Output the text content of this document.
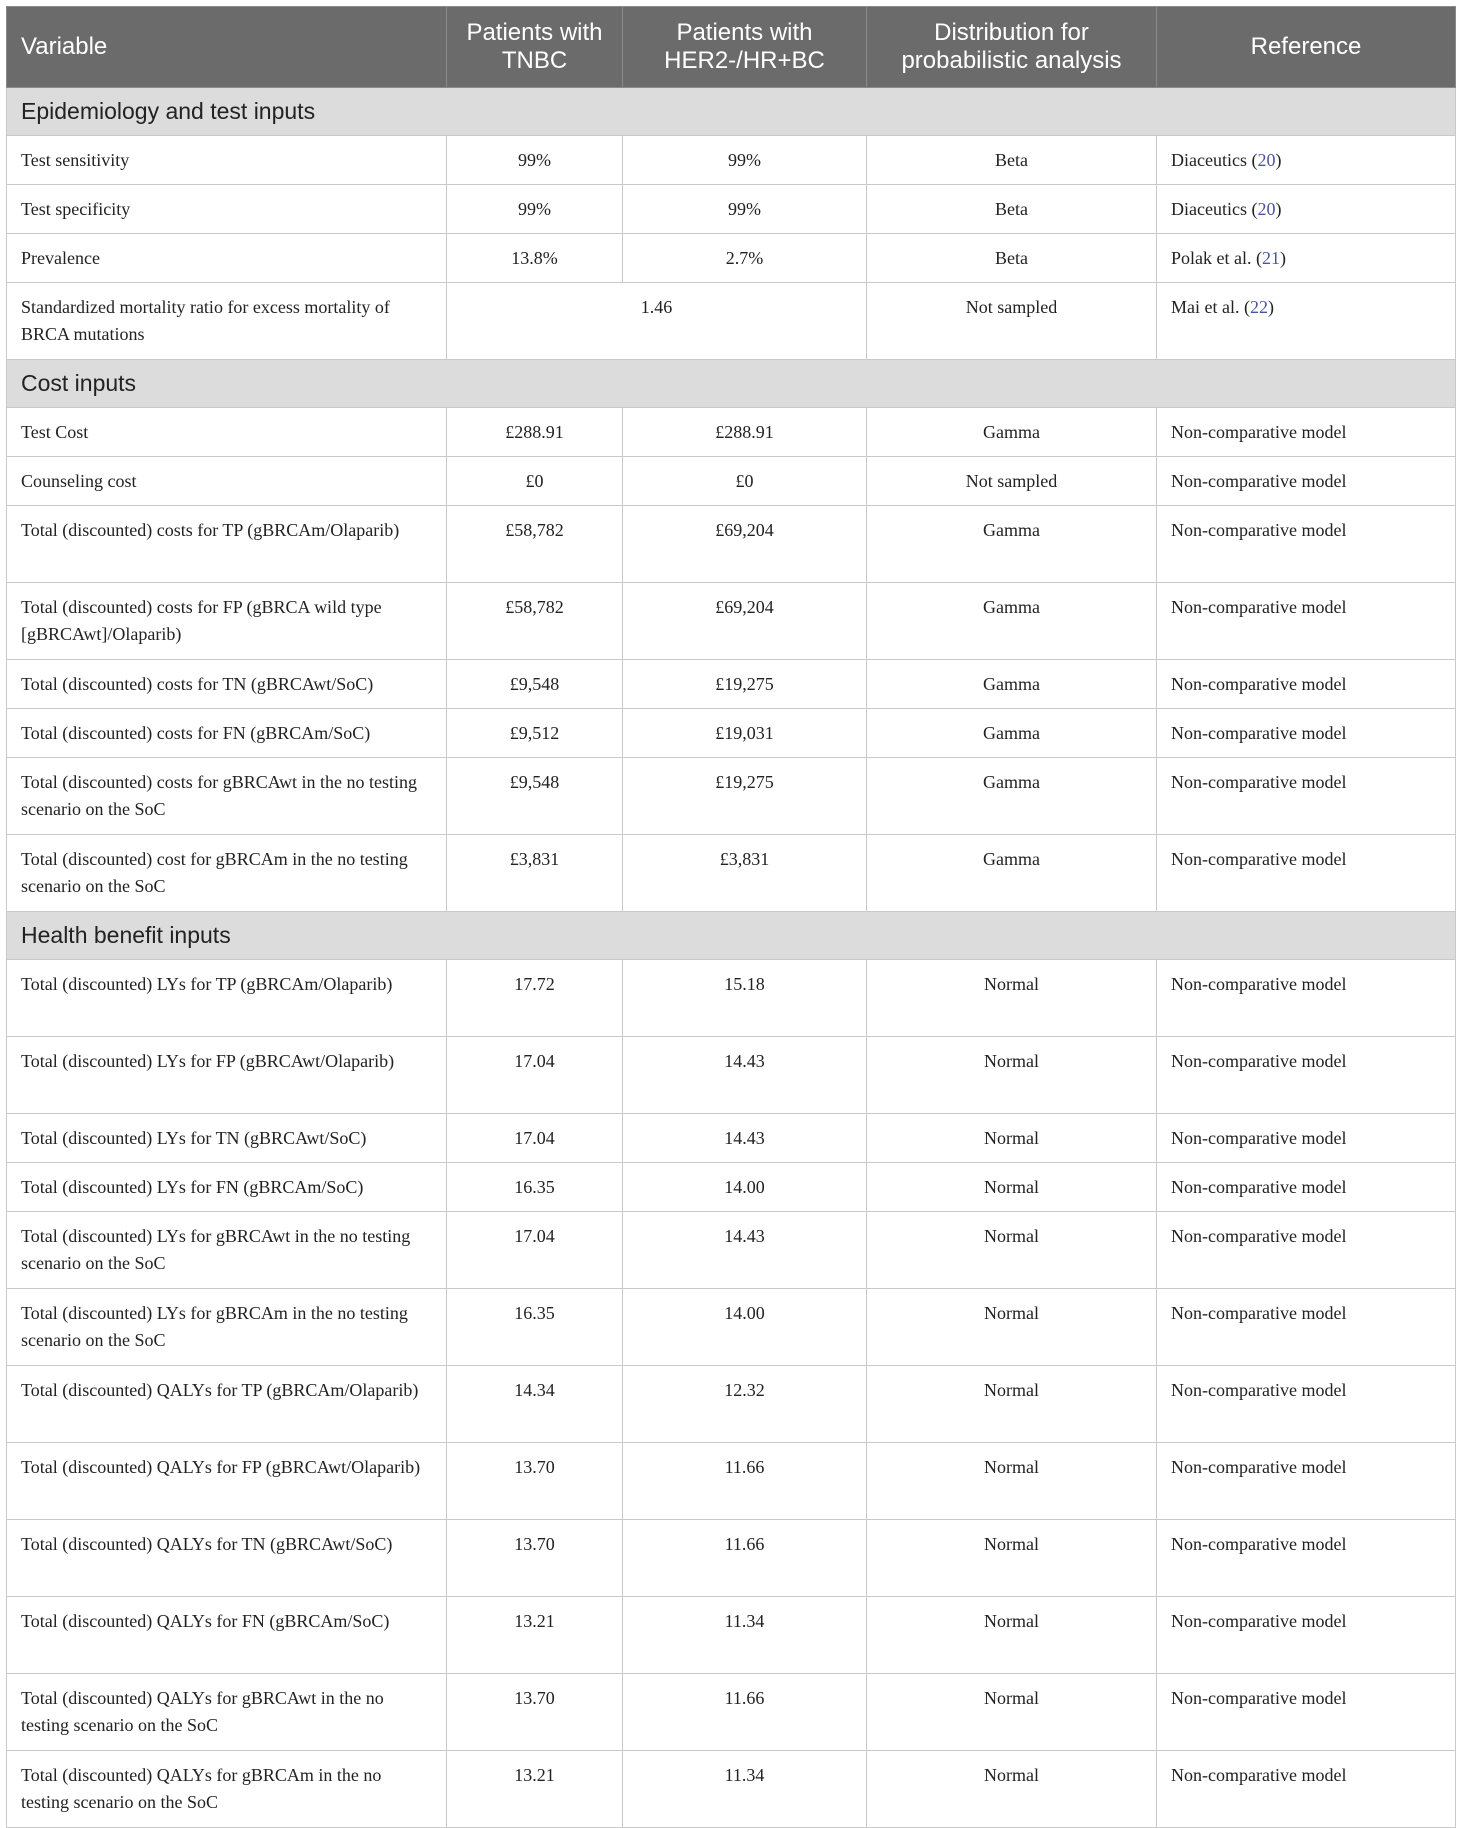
Variable	Patients with TNBC	Patients with HER2-/HR+BC	Distribution for probabilistic analysis	Reference
Epidemiology and test inputs				
Test sensitivity	99%	99%	Beta	Diaceutics (20)
Test specificity	99%	99%	Beta	Diaceutics (20)
Prevalence	13.8%	2.7%	Beta	Polak et al. (21)
Standardized mortality ratio for excess mortality of BRCA mutations	1.46		Not sampled	Mai et al. (22)
Cost inputs				
Test Cost	£288.91	£288.91	Gamma	Non-comparative model
Counseling cost	£0	£0	Not sampled	Non-comparative model
Total (discounted) costs for TP (gBRCAm/Olaparib)	£58,782	£69,204	Gamma	Non-comparative model
Total (discounted) costs for FP (gBRCA wild type [gBRCAwt]/Olaparib)	£58,782	£69,204	Gamma	Non-comparative model
Total (discounted) costs for TN (gBRCAwt/SoC)	£9,548	£19,275	Gamma	Non-comparative model
Total (discounted) costs for FN (gBRCAm/SoC)	£9,512	£19,031	Gamma	Non-comparative model
Total (discounted) costs for gBRCAwt in the no testing scenario on the SoC	£9,548	£19,275	Gamma	Non-comparative model
Total (discounted) cost for gBRCAm in the no testing scenario on the SoC	£3,831	£3,831	Gamma	Non-comparative model
Health benefit inputs				
Total (discounted) LYs for TP (gBRCAm/Olaparib)	17.72	15.18	Normal	Non-comparative model
Total (discounted) LYs for FP (gBRCAwt/Olaparib)	17.04	14.43	Normal	Non-comparative model
Total (discounted) LYs for TN (gBRCAwt/SoC)	17.04	14.43	Normal	Non-comparative model
Total (discounted) LYs for FN (gBRCAm/SoC)	16.35	14.00	Normal	Non-comparative model
Total (discounted) LYs for gBRCAwt in the no testing scenario on the SoC	17.04	14.43	Normal	Non-comparative model
Total (discounted) LYs for gBRCAm in the no testing scenario on the SoC	16.35	14.00	Normal	Non-comparative model
Total (discounted) QALYs for TP (gBRCAm/Olaparib)	14.34	12.32	Normal	Non-comparative model
Total (discounted) QALYs for FP (gBRCAwt/Olaparib)	13.70	11.66	Normal	Non-comparative model
Total (discounted) QALYs for TN (gBRCAwt/SoC)	13.70	11.66	Normal	Non-comparative model
Total (discounted) QALYs for FN (gBRCAm/SoC)	13.21	11.34	Normal	Non-comparative model
Total (discounted) QALYs for gBRCAwt in the no testing scenario on the SoC	13.70	11.66	Normal	Non-comparative model
Total (discounted) QALYs for gBRCAm in the no testing scenario on the SoC	13.21	11.34	Normal	Non-comparative model
